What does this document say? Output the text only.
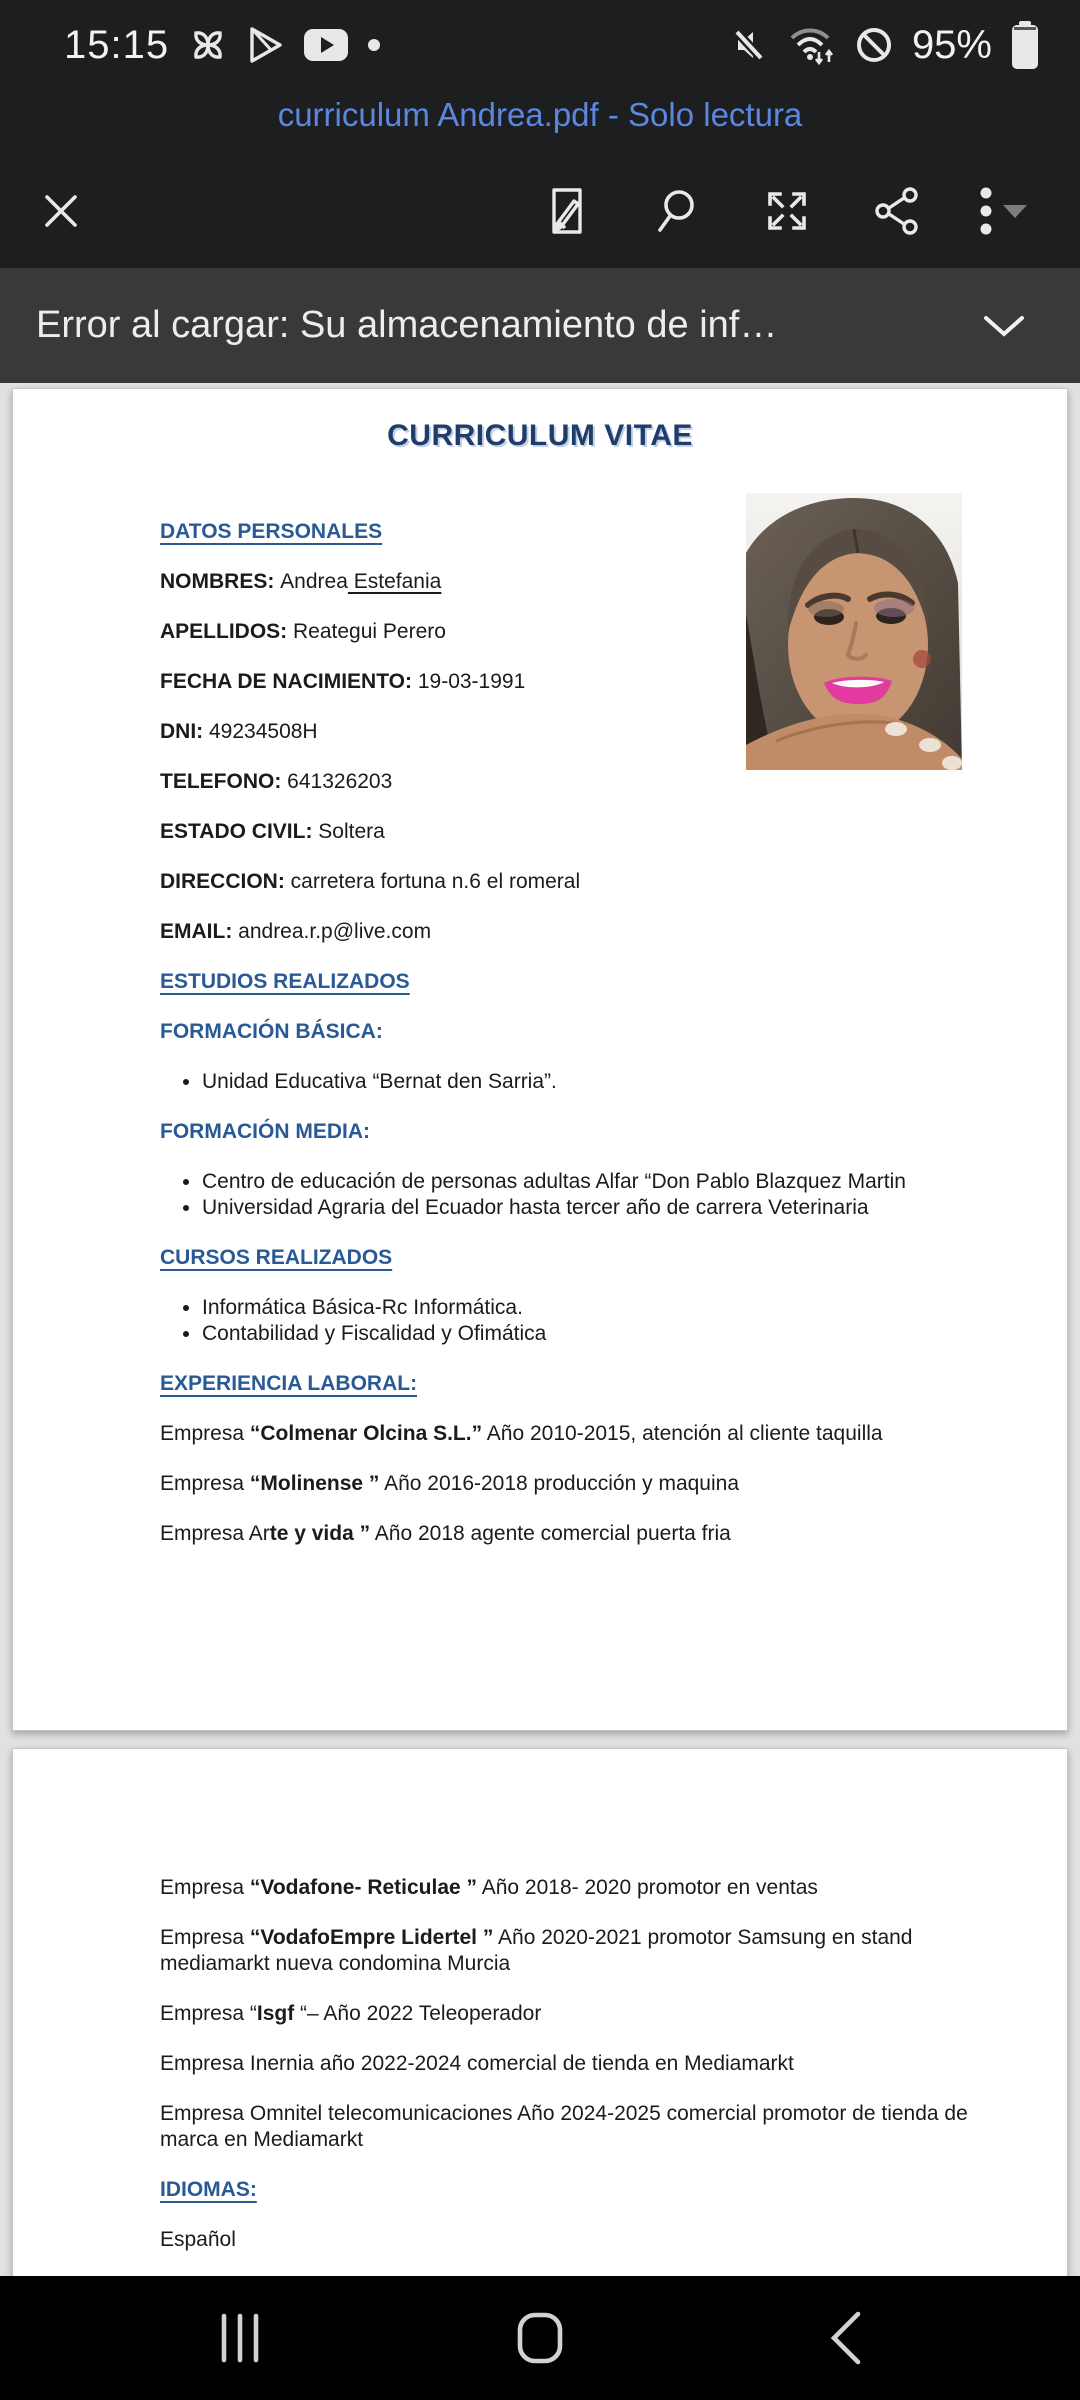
15:15	95%
curriculum Andrea.pdf - Solo lectura
Error al cargar: Su almacenamiento de inf…
CURRICULUM VITAE

DATOS PERSONALES

NOMBRES: Andrea Estefania

APELLIDOS: Reategui Perero

FECHA DE NACIMIENTO: 19-03-1991

DNI: 49234508H

TELEFONO: 641326203

ESTADO CIVIL: Soltera

DIRECCION: carretera fortuna n.6 el romeral

EMAIL: andrea.r.p@live.com

ESTUDIOS REALIZADOS

FORMACIÓN BÁSICA:

• Unidad Educativa “Bernat den Sarria”.

FORMACIÓN MEDIA:

• Centro de educación de personas adultas Alfar “Don Pablo Blazquez Martin
• Universidad Agraria del Ecuador hasta tercer año de carrera Veterinaria

CURSOS REALIZADOS

• Informática Básica-Rc Informática.
• Contabilidad y Fiscalidad y Ofimática

EXPERIENCIA LABORAL:

Empresa “Colmenar Olcina S.L.” Año 2010-2015, atención al cliente taquilla

Empresa “Molinense ” Año 2016-2018 producción y maquina

Empresa Arte y vida ” Año 2018 agente comercial puerta fria

Empresa “Vodafone- Reticulae ” Año 2018- 2020 promotor en ventas

Empresa “VodafoEmpre Lidertel ” Año 2020-2021 promotor Samsung en stand mediamarkt nueva condomina Murcia

Empresa “Isgf “– Año 2022 Teleoperador

Empresa Inernia año 2022-2024 comercial de tienda en Mediamarkt

Empresa Omnitel telecomunicaciones Año 2024-2025 comercial promotor de tienda de marca en Mediamarkt

IDIOMAS:

Español
